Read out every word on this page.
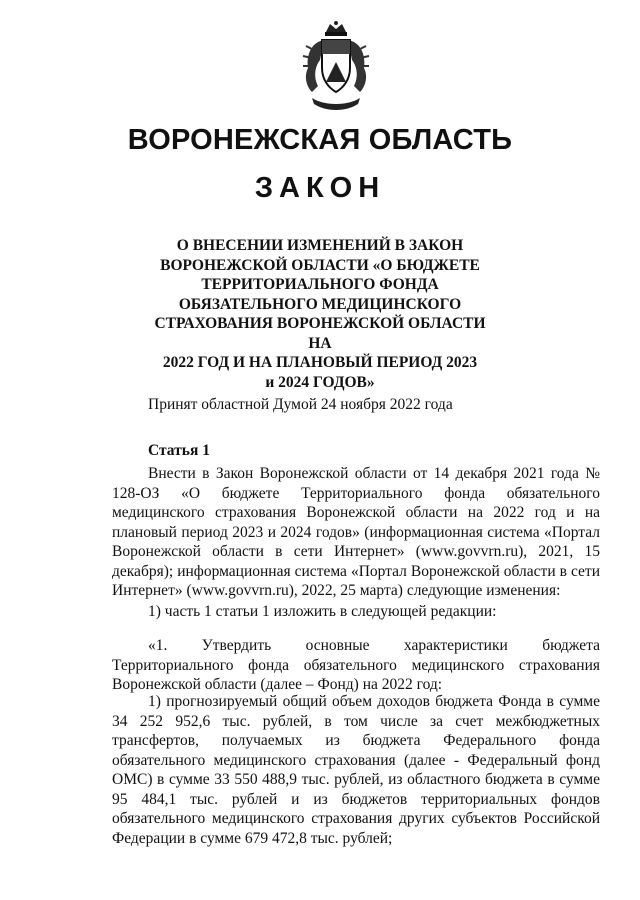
ВОРОНЕЖСКАЯ ОБЛАСТЬ
ЗАКОН
О ВНЕСЕНИИ ИЗМЕНЕНИЙ В ЗАКОН
ВОРОНЕЖСКОЙ ОБЛАСТИ «О БЮДЖЕТЕ
ТЕРРИТОРИАЛЬНОГО ФОНДА
ОБЯЗАТЕЛЬНОГО МЕДИЦИНСКОГО
СТРАХОВАНИЯ ВОРОНЕЖСКОЙ ОБЛАСТИ НА
2022 ГОД И НА ПЛАНОВЫЙ ПЕРИОД 2023
и 2024 ГОДОВ»
Принят областной Думой 24 ноября 2022 года
Статья 1

Внести в Закон Воронежской области от 14 декабря 2021 года № 128-ОЗ «О бюджете Территориального фонда обязательного медицинского страхования Воронежской области на 2022 год и на плановый период 2023 и 2024 годов» (информационная система «Портал Воронежской области в сети Интернет» (www.govvrn.ru), 2021, 15 декабря); информационная система «Портал Воронежской области в сети Интернет» (www.govvrn.ru), 2022, 25 марта) следующие изменения:

1) часть 1 статьи 1 изложить в следующей редакции:

«1. Утвердить основные характеристики бюджета Территориального фонда обязательного медицинского страхования Воронежской области (далее – Фонд) на 2022 год:

1) прогнозируемый общий объем доходов бюджета Фонда в сумме 34 252 952,6 тыс. рублей, в том числе за счет межбюджетных трансфертов, получаемых из бюджета Федерального фонда обязательного медицинского страхования (далее - Федеральный фонд ОМС) в сумме 33 550 488,9 тыс. рублей, из областного бюджета в сумме 95 484,1 тыс. рублей и из бюджетов территориальных фондов обязательного медицинского страхования других субъектов Российской Федерации в сумме 679 472,8 тыс. рублей;
